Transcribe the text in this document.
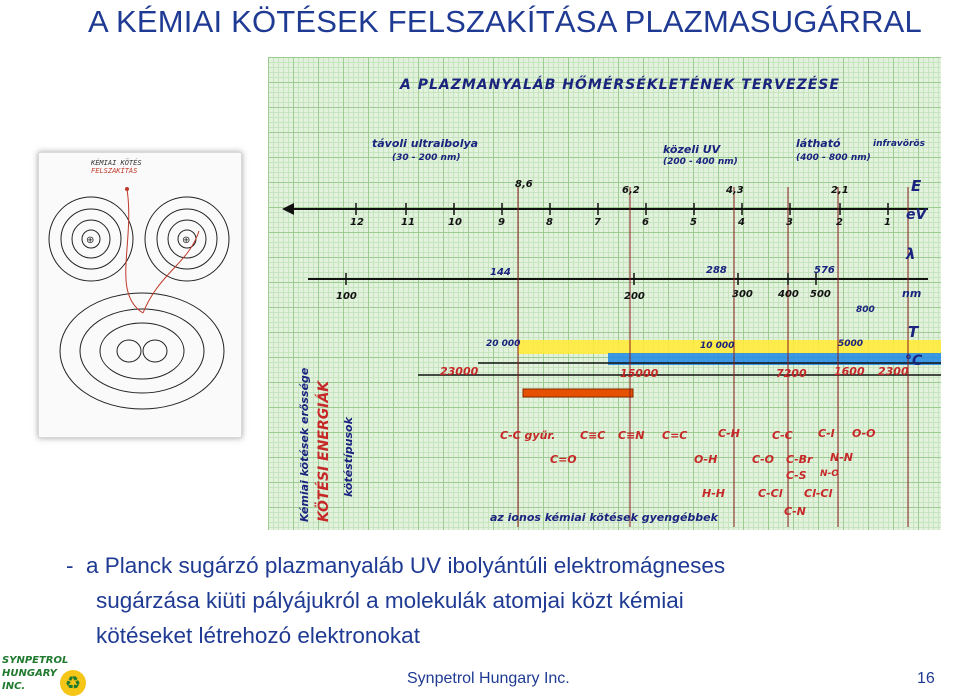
A KÉMIAI KÖTÉSEK FELSZAKÍTÁSA PLAZMASUGÁRRAL
⊕	⊕
KÉMIAI KÖTÉS
FELSZAKÍTÁS
A PLAZMANYALÁB HŐMÉRSÉKLETÉNEK TERVEZÉSE
távoli ultraibolya
(30 - 200 nm)
közeli UV
(200 - 400 nm)
látható
(400 - 800 nm)
infravörös
8,6
6,2	4,3	2,1	E
eV
12	11	10	9	8	7	6	5	4	3	2	1
144	288	576
800
100	200	300	400 500
λ
nm
20 000	10 000	5000
23000	15000	7200 1600 2300
T
°C
C-C gyűr. C≡C C≡N C=C	C-H	C-C C-I O-O
C=O	O-H	C-O C-Br N-N
H-H
C-S N-O
C-Cl Cl-Cl
C-N
az ionos kémiai kötések gyengébbek
Kémiai kötések erőssége KÖTÉSI ENERGIÁK kötéstípusok
- a Planck sugárzó plazmanyaláb UV ibolyántúli elektromágneses

sugárzása kiüti pályájukról a molekulák atomjai közt kémiai

kötéseket létrehozó elektronokat

SYNPETROL
HUNGARY
INC. ♻	Synpetrol Hungary Inc.	16
